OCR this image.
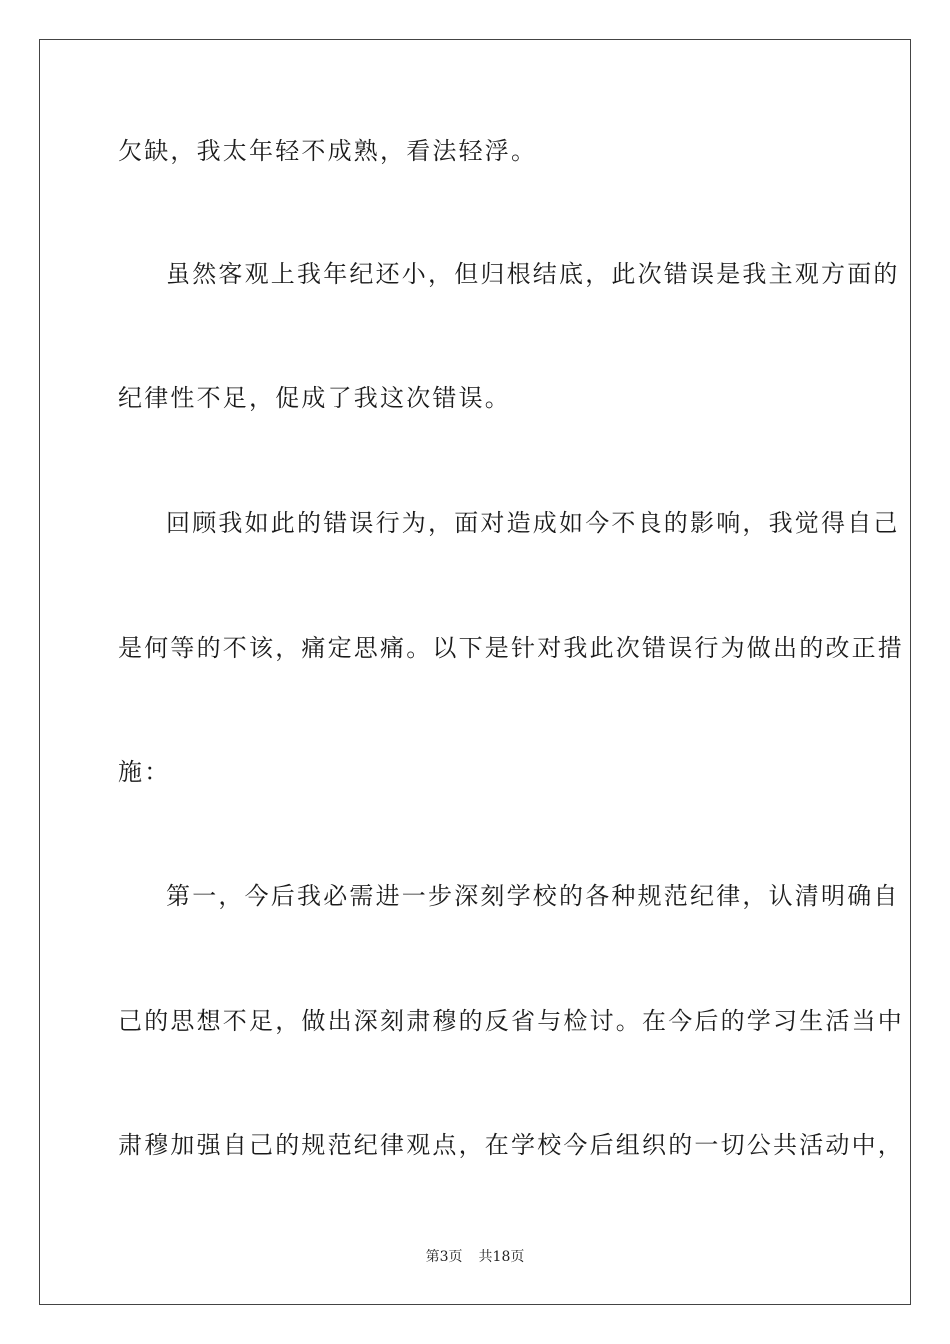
欠缺，我太年轻不成熟，看法轻浮。
虽然客观上我年纪还小，但归根结底，此次错误是我主观方面的
纪律性不足，促成了我这次错误。
回顾我如此的错误行为，面对造成如今不良的影响，我觉得自己
是何等的不该，痛定思痛。以下是针对我此次错误行为做出的改正措
施：
第一，今后我必需进一步深刻学校的各种规范纪律，认清明确自
己的思想不足，做出深刻肃穆的反省与检讨。在今后的学习生活当中
肃穆加强自己的规范纪律观点，在学校今后组织的一切公共活动中，
第3页 共18页
